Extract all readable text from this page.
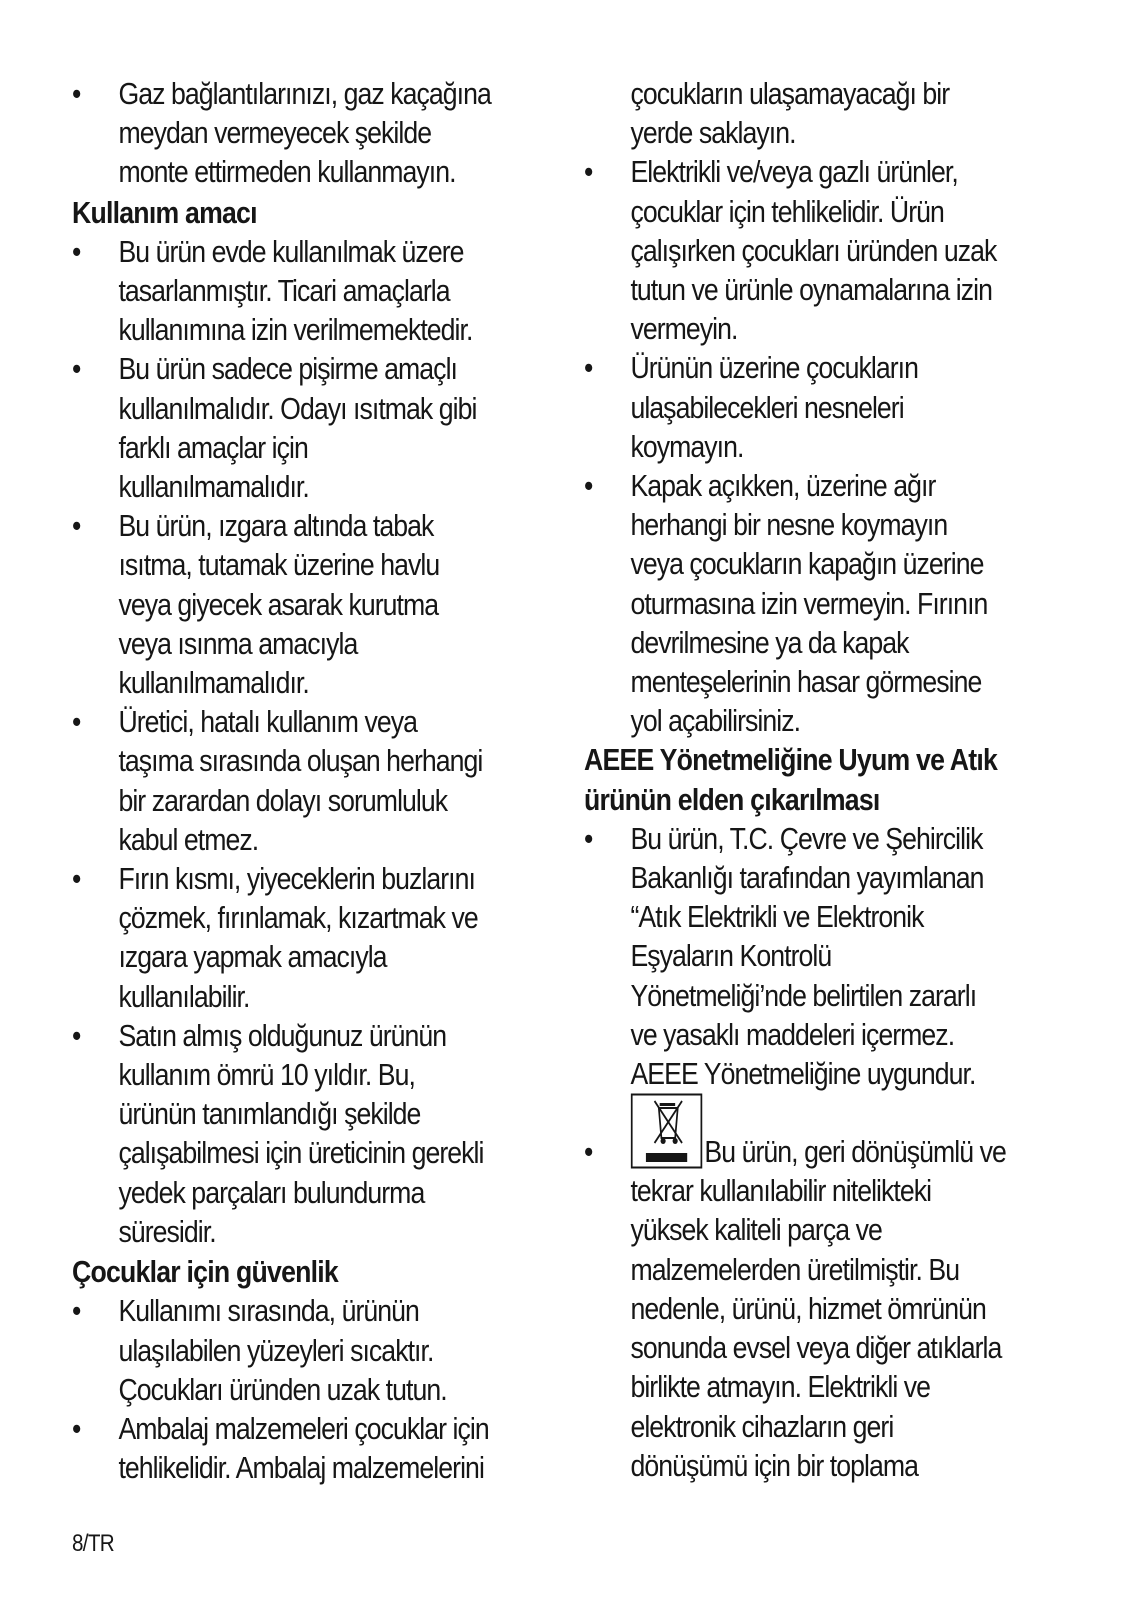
• Gaz bağlantılarınızı, gaz kaçağına
meydan vermeyecek şekilde
monte ettirmeden kullanmayın.
Kullanım amacı
• Bu ürün evde kullanılmak üzere
tasarlanmıştır. Ticari amaçlarla
kullanımına izin verilmemektedir.
• Bu ürün sadece pişirme amaçlı
kullanılmalıdır. Odayı ısıtmak gibi
farklı amaçlar için
kullanılmamalıdır.
• Bu ürün, ızgara altında tabak
ısıtma, tutamak üzerine havlu
veya giyecek asarak kurutma
veya ısınma amacıyla
kullanılmamalıdır.
• Üretici, hatalı kullanım veya
taşıma sırasında oluşan herhangi
bir zarardan dolayı sorumluluk
kabul etmez.
• Fırın kısmı, yiyeceklerin buzlarını
çözmek, fırınlamak, kızartmak ve
ızgara yapmak amacıyla
kullanılabilir.
• Satın almış olduğunuz ürünün
kullanım ömrü 10 yıldır. Bu,
ürünün tanımlandığı şekilde
çalışabilmesi için üreticinin gerekli
yedek parçaları bulundurma
süresidir.
Çocuklar için güvenlik
• Kullanımı sırasında, ürünün
ulaşılabilen yüzeyleri sıcaktır.
Çocukları üründen uzak tutun.
• Ambalaj malzemeleri çocuklar için
tehlikelidir. Ambalaj malzemelerini
çocukların ulaşamayacağı bir
yerde saklayın.
• Elektrikli ve/veya gazlı ürünler,
çocuklar için tehlikelidir. Ürün
çalışırken çocukları üründen uzak
tutun ve ürünle oynamalarına izin
vermeyin.
• Ürünün üzerine çocukların
ulaşabilecekleri nesneleri
koymayın.
• Kapak açıkken, üzerine ağır
herhangi bir nesne koymayın
veya çocukların kapağın üzerine
oturmasına izin vermeyin. Fırının
devrilmesine ya da kapak
menteşelerinin hasar görmesine
yol açabilirsiniz.
AEEE Yönetmeliğine Uyum ve Atık
ürünün elden çıkarılması
• Bu ürün, T.C. Çevre ve Şehircilik
Bakanlığı tarafından yayımlanan
“Atık Elektrikli ve Elektronik
Eşyaların Kontrolü
Yönetmeliği’nde belirtilen zararlı
ve yasaklı maddeleri içermez.
AEEE Yönetmeliğine uygundur.
•	Bu ürün, geri dönüşümlü ve
tekrar kullanılabilir nitelikteki
yüksek kaliteli parça ve
malzemelerden üretilmiştir. Bu
nedenle, ürünü, hizmet ömrünün
sonunda evsel veya diğer atıklarla
birlikte atmayın. Elektrikli ve
elektronik cihazların geri
dönüşümü için bir toplama
8/TR
